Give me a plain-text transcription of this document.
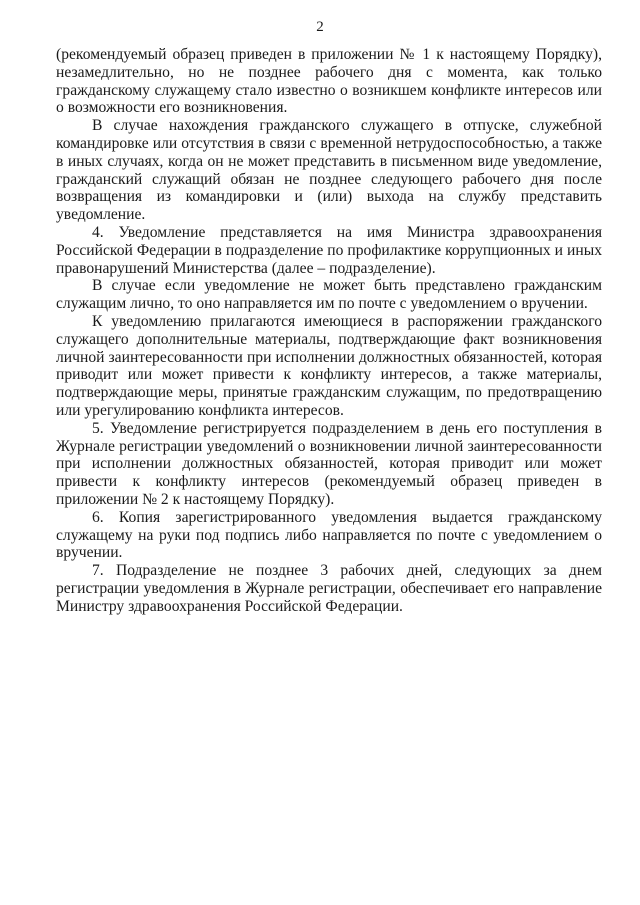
2

(рекомендуемый образец приведен в приложении № 1 к настоящему Порядку), незамедлительно, но не позднее рабочего дня с момента, как только гражданскому служащему стало известно о возникшем конфликте интересов или о возможности его возникновения.

В случае нахождения гражданского служащего в отпуске, служебной командировке или отсутствия в связи с временной нетрудоспособностью, а также в иных случаях, когда он не может представить в письменном виде уведомление, гражданский служащий обязан не позднее следующего рабочего дня после возвращения из командировки и (или) выхода на службу представить уведомление.

4. Уведомление представляется на имя Министра здравоохранения Российской Федерации в подразделение по профилактике коррупционных и иных правонарушений Министерства (далее – подразделение).

В случае если уведомление не может быть представлено гражданским служащим лично, то оно направляется им по почте с уведомлением о вручении.

К уведомлению прилагаются имеющиеся в распоряжении гражданского служащего дополнительные материалы, подтверждающие факт возникновения личной заинтересованности при исполнении должностных обязанностей, которая приводит или может привести к конфликту интересов, а также материалы, подтверждающие меры, принятые гражданским служащим, по предотвращению или урегулированию конфликта интересов.

5. Уведомление регистрируется подразделением в день его поступления в Журнале регистрации уведомлений о возникновении личной заинтересованности при исполнении должностных обязанностей, которая приводит или может привести к конфликту интересов (рекомендуемый образец приведен в приложении № 2 к настоящему Порядку).

6. Копия зарегистрированного уведомления выдается гражданскому служащему на руки под подпись либо направляется по почте с уведомлением о вручении.

7. Подразделение не позднее 3 рабочих дней, следующих за днем регистрации уведомления в Журнале регистрации, обеспечивает его направление Министру здравоохранения Российской Федерации.
